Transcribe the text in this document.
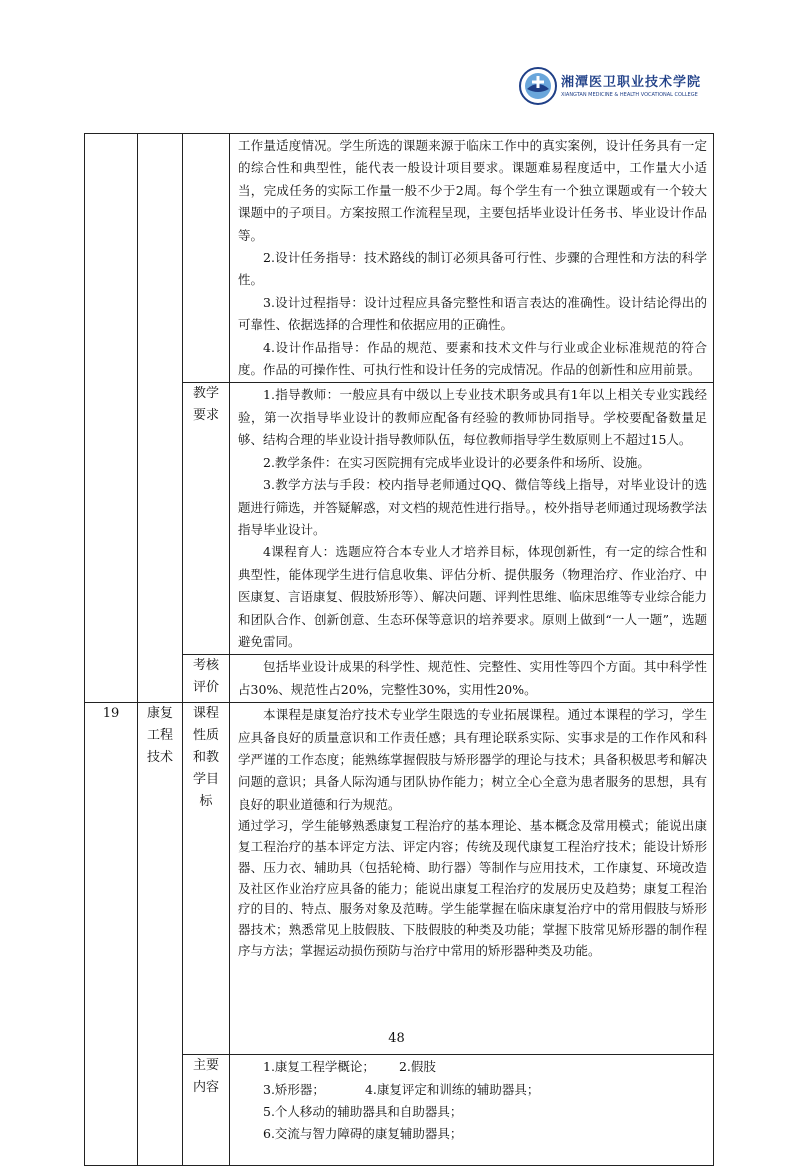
湘潭医卫职业技术学院
XIANGTAN MEDICINE & HEALTH VOCATIONAL COLLEGE

			工作量适度情况。学生所选的课题来源于临床工作中的真实案例，设计任务具有一定的综合性和典型性，能代表一般设计项目要求。课题难易程度适中，工作量大小适当，完成任务的实际工作量一般不少于2周。每个学生有一个独立课题或有一个较大课题中的子项目。方案按照工作流程呈现，主要包括毕业设计任务书、毕业设计作品等。

2.设计任务指导：技术路线的制订必须具备可行性、步骤的合理性和方法的科学性。

3.设计过程指导：设计过程应具备完整性和语言表达的准确性。设计结论得出的可靠性、依据选择的合理性和依据应用的正确性。

4.设计作品指导：作品的规范、要素和技术文件与行业或企业标准规范的符合度。作品的可操作性、可执行性和设计任务的完成情况。作品的创新性和应用前景。

		教学要求	1.指导教师：一般应具有中级以上专业技术职务或具有1年以上相关专业实践经验，第一次指导毕业设计的教师应配备有经验的教师协同指导。学校要配备数量足够、结构合理的毕业设计指导教师队伍，每位教师指导学生数原则上不超过15人。

2.教学条件：在实习医院拥有完成毕业设计的必要条件和场所、设施。

3.教学方法与手段：校内指导老师通过QQ、微信等线上指导，对毕业设计的选题进行筛选，并答疑解惑，对文档的规范性进行指导。，校外指导老师通过现场教学法指导毕业设计。

4课程育人：选题应符合本专业人才培养目标，体现创新性，有一定的综合性和典型性，能体现学生进行信息收集、评估分析、提供服务（物理治疗、作业治疗、中医康复、言语康复、假肢矫形等）、解决问题、评判性思维、临床思维等专业综合能力和团队合作、创新创意、生态环保等意识的培养要求。原则上做到“一人一题”，选题避免雷同。

		考核评价	包括毕业设计成果的科学性、规范性、完整性、实用性等四个方面。其中科学性占30%、规范性占20%，完整性30%，实用性20%。

19	康复工程技术	课程性质和教学目标	本课程是康复治疗技术专业学生限选的专业拓展课程。通过本课程的学习，学生应具备良好的质量意识和工作责任感；具有理论联系实际、实事求是的工作作风和科学严谨的工作态度；能熟练掌握假肢与矫形器学的理论与技术；具备积极思考和解决问题的意识；具备人际沟通与团队协作能力；树立全心全意为患者服务的思想，具有良好的职业道德和行为规范。

通过学习，学生能够熟悉康复工程治疗的基本理论、基本概念及常用模式；能说出康复工程治疗的基本评定方法、评定内容；传统及现代康复工程治疗技术；能设计矫形器、压力衣、辅助具（包括轮椅、助行器）等制作与应用技术，工作康复、环境改造及社区作业治疗应具备的能力；能说出康复工程治疗的发展历史及趋势；康复工程治疗的目的、特点、服务对象及范畴。学生能掌握在临床康复治疗中的常用假肢与矫形器技术；熟悉常见上肢假肢、下肢假肢的种类及功能；掌握下肢常见矫形器的制作程序与方法；掌握运动损伤预防与治疗中常用的矫形器种类及功能。

		主要内容	1.康复工程学概论； 2.假肢

3.矫形器； 4.康复评定和训练的辅助器具；

5.个人移动的辅助器具和自助器具；

6.交流与智力障碍的康复辅助器具；

48
